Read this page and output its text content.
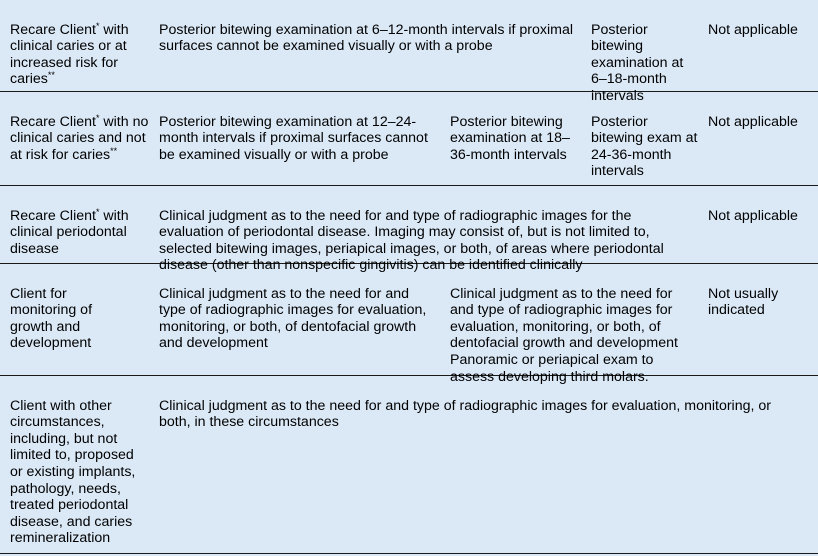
Recare Client* with clinical caries or at increased risk for caries**

Posterior bitewing examination at 6–12-month intervals if proximal surfaces cannot be examined visually or with a probe

Posterior bitewing examination at 6–18-month intervals

Not applicable

Recare Client* with no clinical caries and not at risk for caries**

Posterior bitewing examination at 12–24-month intervals if proximal surfaces cannot be examined visually or with a probe

Posterior bitewing examination at 18–36-month intervals

Posterior bitewing exam at 24-36-month intervals

Not applicable

Recare Client* with clinical periodontal disease

Clinical judgment as to the need for and type of radiographic images for the evaluation of periodontal disease. Imaging may consist of, but is not limited to, selected bitewing images, periapical images, or both, of areas where periodontal disease (other than nonspecific gingivitis) can be identified clinically

Not applicable

Client for monitoring of growth and development

Clinical judgment as to the need for and type of radiographic images for evaluation, monitoring, or both, of dentofacial growth and development

Clinical judgment as to the need for and type of radiographic images for evaluation, monitoring, or both, of dentofacial growth and development Panoramic or periapical exam to assess developing third molars.

Not usually indicated

Client with other circumstances, including, but not limited to, proposed or existing implants, pathology, needs, treated periodontal disease, and caries remineralization

Clinical judgment as to the need for and type of radiographic images for evaluation, monitoring, or both, in these circumstances
